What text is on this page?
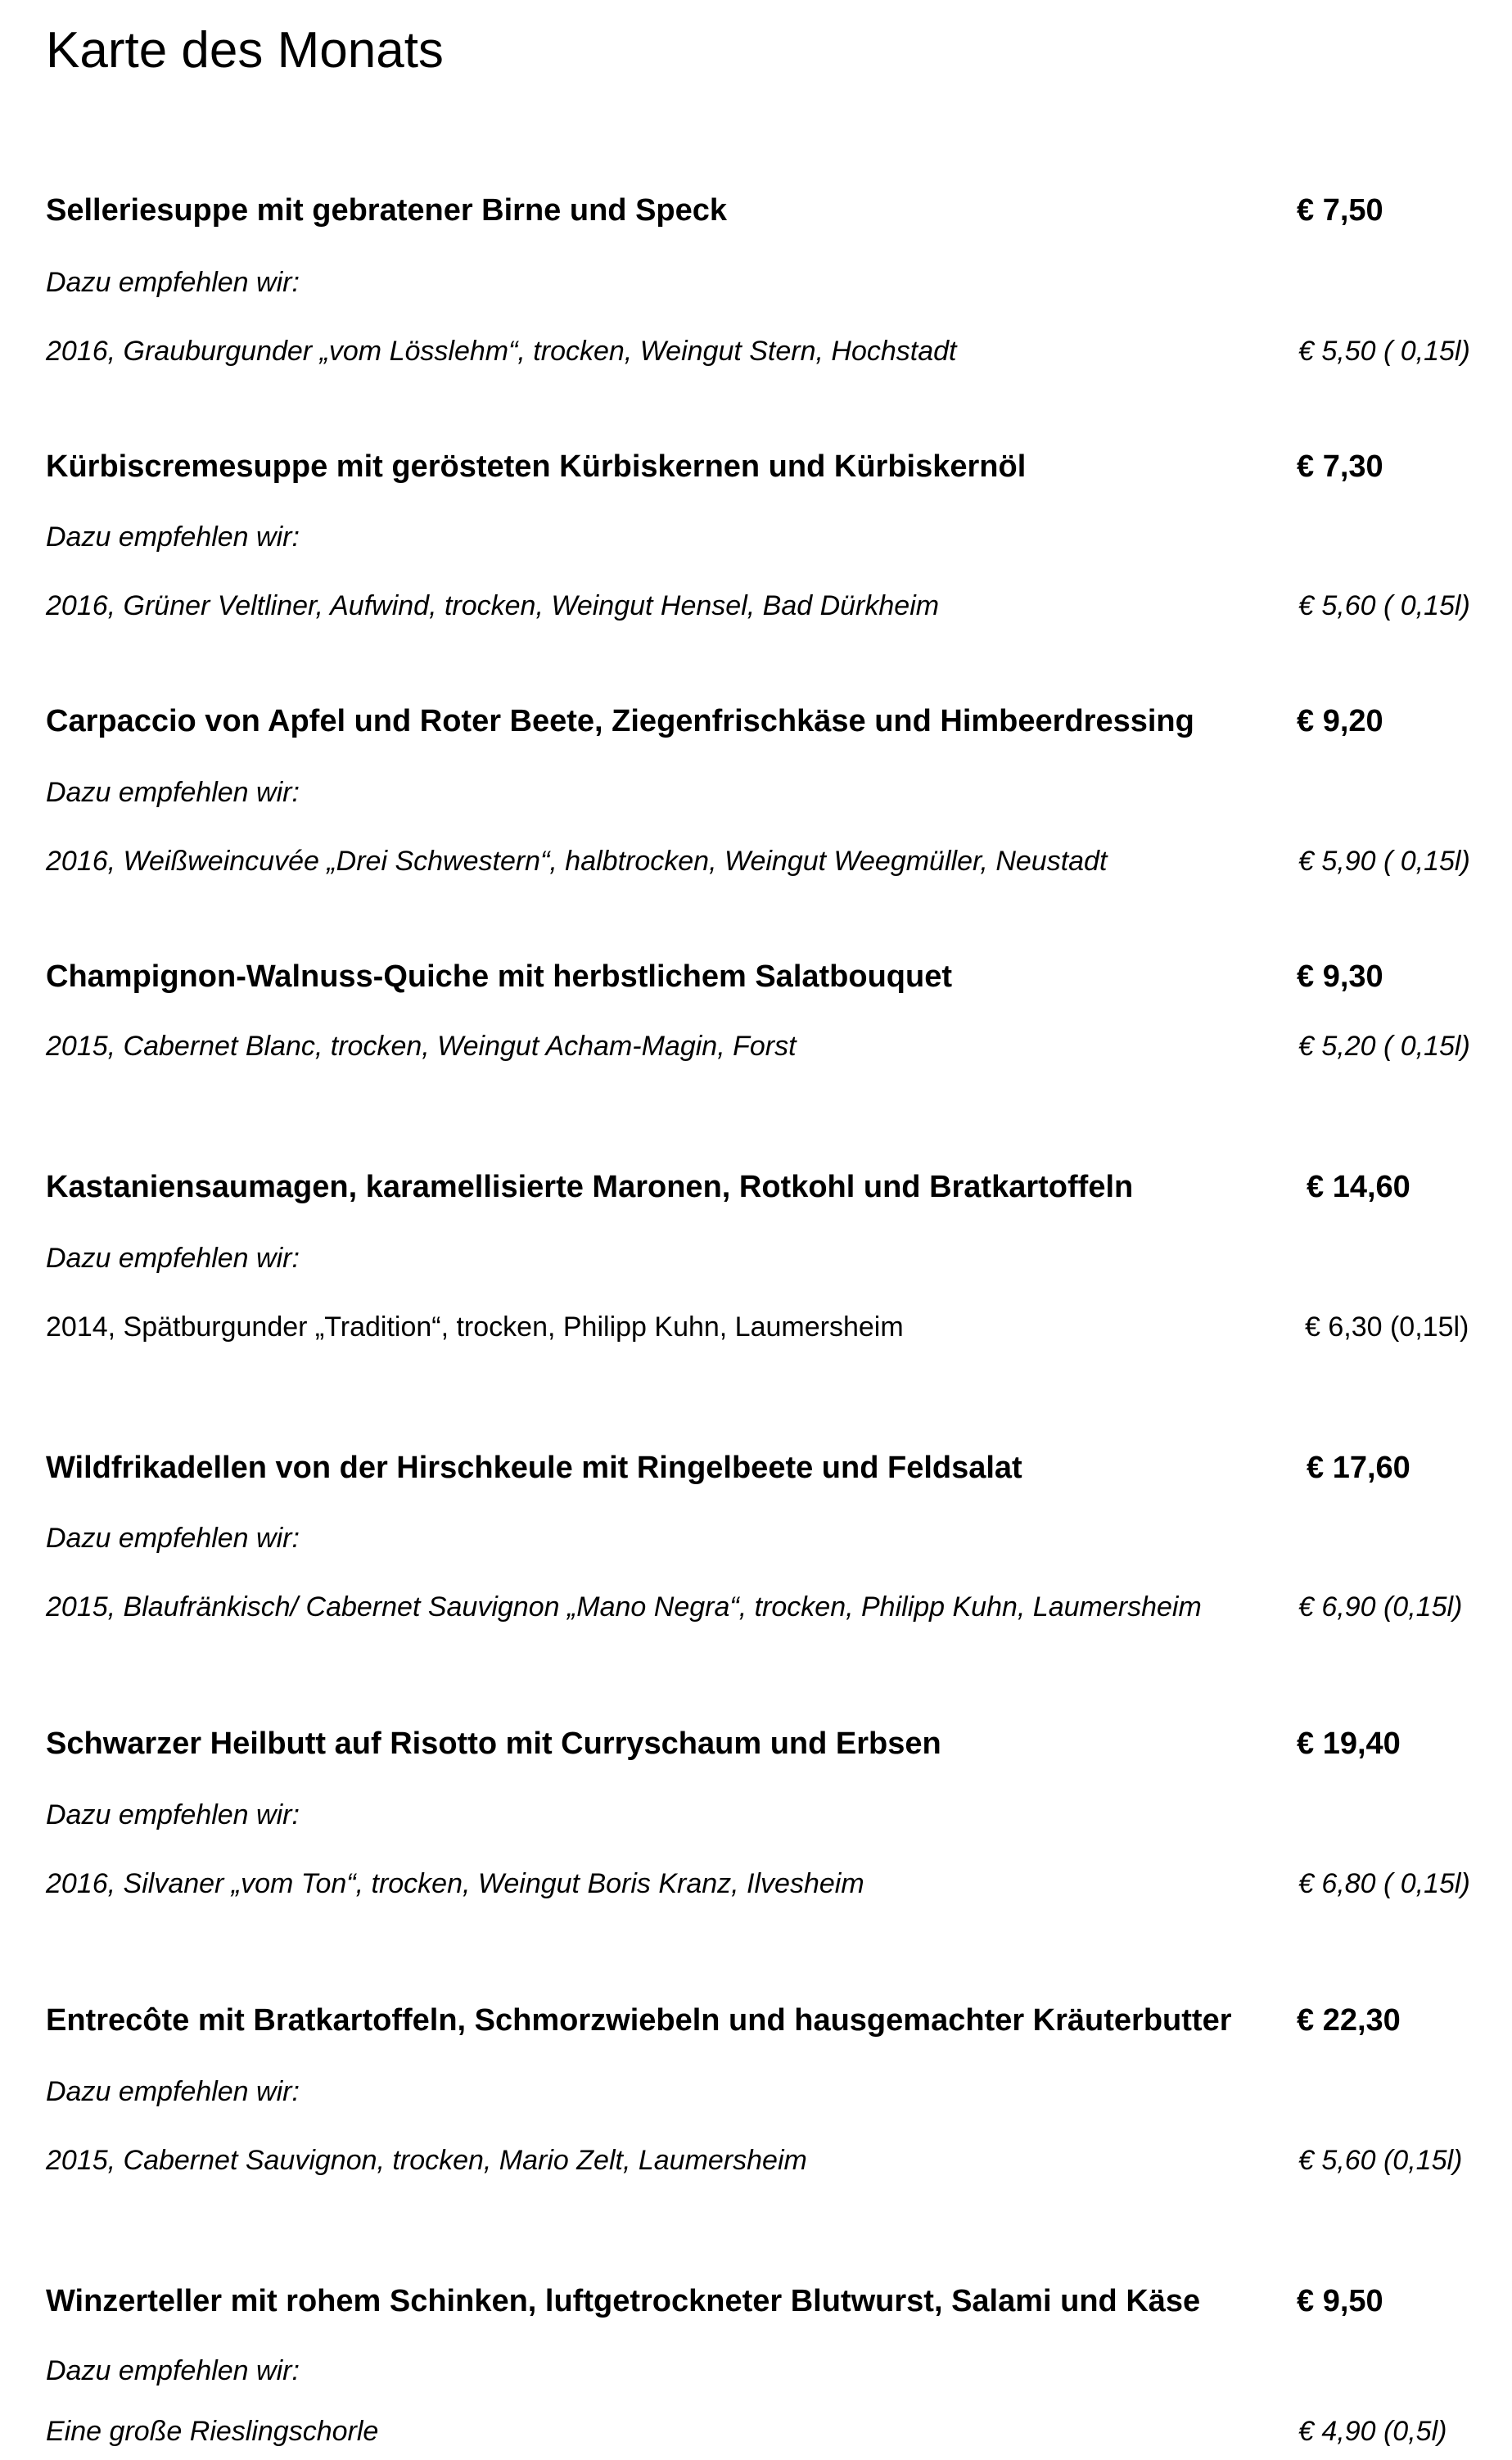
Karte des Monats
Selleriesuppe mit gebratener Birne und Speck	€ 7,50
Dazu empfehlen wir:
2016, Grauburgunder „vom Lösslehm“, trocken, Weingut Stern, Hochstadt	€ 5,50 ( 0,15l)
Kürbiscremesuppe mit gerösteten Kürbiskernen und Kürbiskernöl	€ 7,30
Dazu empfehlen wir:
2016, Grüner Veltliner, Aufwind, trocken, Weingut Hensel, Bad Dürkheim	€ 5,60 ( 0,15l)
Carpaccio von Apfel und Roter Beete, Ziegenfrischkäse und Himbeerdressing	€ 9,20
Dazu empfehlen wir:
2016, Weißweincuvée „Drei Schwestern“, halbtrocken, Weingut Weegmüller, Neustadt	€ 5,90 ( 0,15l)
Champignon-Walnuss-Quiche mit herbstlichem Salatbouquet	€ 9,30
2015, Cabernet Blanc, trocken, Weingut Acham-Magin, Forst	€ 5,20 ( 0,15l)
Kastaniensaumagen, karamellisierte Maronen, Rotkohl und Bratkartoffeln	€ 14,60
Dazu empfehlen wir:
2014, Spätburgunder „Tradition“, trocken, Philipp Kuhn, Laumersheim	€ 6,30 (0,15l)
Wildfrikadellen von der Hirschkeule mit Ringelbeete und Feldsalat	€ 17,60
Dazu empfehlen wir:
2015, Blaufränkisch/ Cabernet Sauvignon „Mano Negra“, trocken, Philipp Kuhn, Laumersheim	€ 6,90 (0,15l)
Schwarzer Heilbutt auf Risotto mit Curryschaum und Erbsen	€ 19,40
Dazu empfehlen wir:
2016, Silvaner „vom Ton“, trocken, Weingut Boris Kranz, Ilvesheim	€ 6,80 ( 0,15l)
Entrecôte mit Bratkartoffeln, Schmorzwiebeln und hausgemachter Kräuterbutter € 22,30
Dazu empfehlen wir:
2015, Cabernet Sauvignon, trocken, Mario Zelt, Laumersheim	€ 5,60 (0,15l)
Winzerteller mit rohem Schinken, luftgetrockneter Blutwurst, Salami und Käse	€ 9,50
Dazu empfehlen wir:
Eine große Rieslingschorle	€ 4,90 (0,5l)
